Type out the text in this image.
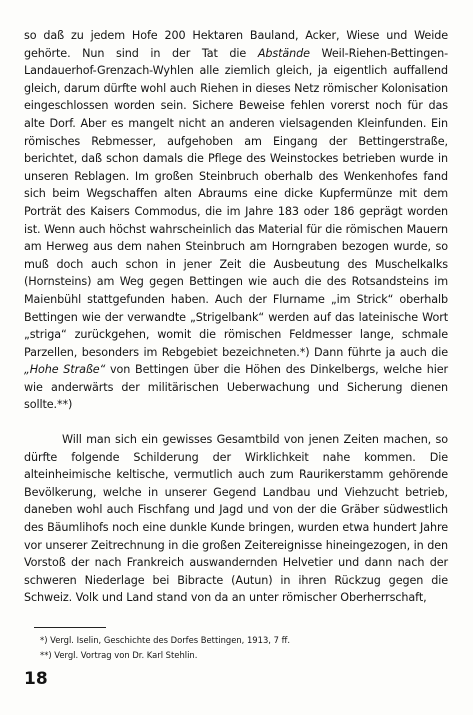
so daß zu jedem Hofe 200 Hektaren Bauland, Acker, Wiese und Weide gehörte. Nun sind in der Tat die Abstände Weil-Riehen-Bettingen-Landauerhof-Grenzach-Wyhlen alle ziemlich gleich, ja eigentlich auffallend gleich, darum dürfte wohl auch Riehen in dieses Netz römischer Kolonisation eingeschlossen worden sein. Sichere Beweise fehlen vorerst noch für das alte Dorf. Aber es mangelt nicht an anderen vielsagenden Kleinfunden. Ein römisches Rebmesser, aufgehoben am Eingang der Bettingerstraße, berichtet, daß schon damals die Pflege des Weinstockes betrieben wurde in unseren Reblagen. Im großen Steinbruch oberhalb des Wenkenhofes fand sich beim Wegschaffen alten Abraums eine dicke Kupfermünze mit dem Porträt des Kaisers Commodus, die im Jahre 183 oder 186 geprägt worden ist. Wenn auch höchst wahrscheinlich das Material für die römischen Mauern am Herweg aus dem nahen Steinbruch am Horngraben bezogen wurde, so muß doch auch schon in jener Zeit die Ausbeutung des Muschelkalks (Hornsteins) am Weg gegen Bettingen wie auch die des Rotsandsteins im Maienbühl stattgefunden haben. Auch der Flurname „im Strick“ oberhalb Bettingen wie der verwandte „Strigelbank“ werden auf das lateinische Wort „striga“ zurückgehen, womit die römischen Feldmesser lange, schmale Parzellen, besonders im Rebgebiet bezeichneten.*) Dann führte ja auch die „Hohe Straße“ von Bettingen über die Höhen des Dinkelbergs, welche hier wie anderwärts der militärischen Ueberwachung und Sicherung dienen sollte.**)

Will man sich ein gewisses Gesamtbild von jenen Zeiten machen, so dürfte folgende Schilderung der Wirklichkeit nahe kommen. Die alteinheimische keltische, vermutlich auch zum Raurikerstamm gehörende Bevölkerung, welche in unserer Gegend Landbau und Viehzucht betrieb, daneben wohl auch Fischfang und Jagd und von der die Gräber südwestlich des Bäumlihofs noch eine dunkle Kunde bringen, wurden etwa hundert Jahre vor unserer Zeitrechnung in die großen Zeitereignisse hineingezogen, in den Vorstoß der nach Frankreich auswandernden Helvetier und dann nach der schweren Niederlage bei Bibracte (Autun) in ihren Rückzug gegen die Schweiz. Volk und Land stand von da an unter römischer Oberherrschaft,

*) Vergl. Iselin, Geschichte des Dorfes Bettingen, 1913, 7 ff.
**) Vergl. Vortrag von Dr. Karl Stehlin.
18
